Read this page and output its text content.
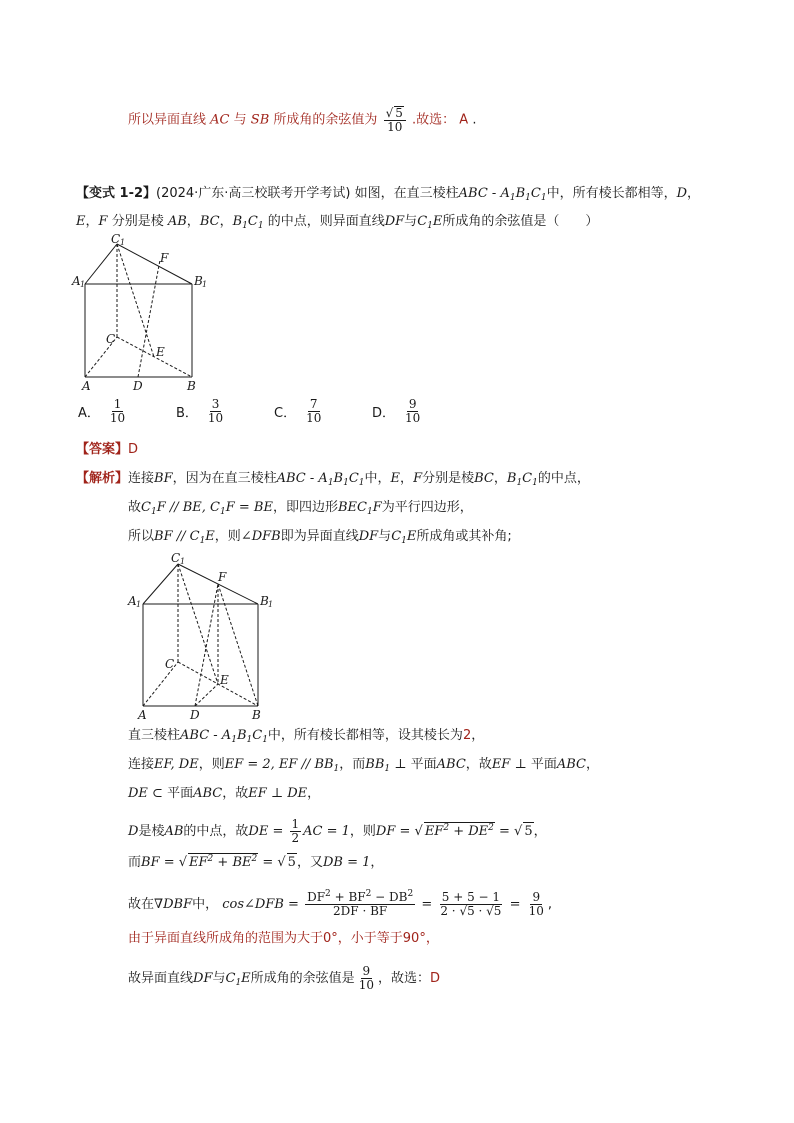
所以异面直线 AC 与 SB 所成角的余弦值为 $\frac{√ 5}{10}$ .故选： A .
【变式 1-2】(2024·广东·高三校联考开学考试) 如图，在直三棱柱ABC - $A_1B_1C_1$中，所有棱长都相等，D，
E，F 分别是棱 AB，BC，$B_1C_1$ 的中点，则异面直线DF与$C_1E$所成角的余弦值是（　　）
C 1
F
A 1	B 1
C
E
A	D	B
A． $\frac{1}{10}$	B． $\frac{3}{10}$	C． $\frac{7}{10}$	D． $\frac{9}{10}$
【答案】D
【解析】连接BF，因为在直三棱柱ABC - $A_1B_1C_1$中，E，F分别是棱BC，$B_1C_1$的中点，
故$C_1F$ // BE, $C_1F$ = BE，即四边形$BEC_1F$为平行四边形，
所以BF // $C_1E$，则∠DFB即为异面直线DF与$C_1E$所成角或其补角;
C 1
F
A 1	B 1
C
E
A	D	B
直三棱柱ABC - $A_1B_1C_1$中，所有棱长都相等，设其棱长为2，
连接EF, DE，则EF = 2, EF // $BB_1$，而$BB_1$ ⊥ 平面ABC，故EF ⊥ 平面ABC，
DE ⊂ 平面ABC，故EF ⊥ DE，
D是棱AB的中点，故DE = $\frac{1}{2}$ AC = 1，则DF = √ $EF^2 + DE^2$ = √ 5，
而BF = √ $EF^2 + BE^2$ = √ 5，又DB = 1，
故在∇DBF中， cos∠DFB = $\frac{DF^2 + BF^2 - DB^2}{2DF \cdot BF} = \frac{5 + 5 - 1}{2 \cdot √5 \cdot √5} = \frac{9}{10}$ ,
由于异面直线所成角的范围为大于0°，小于等于90°，
故异面直线DF与$C_1E$所成角的余弦值是 $\frac{9}{10}$ ，故选：D
